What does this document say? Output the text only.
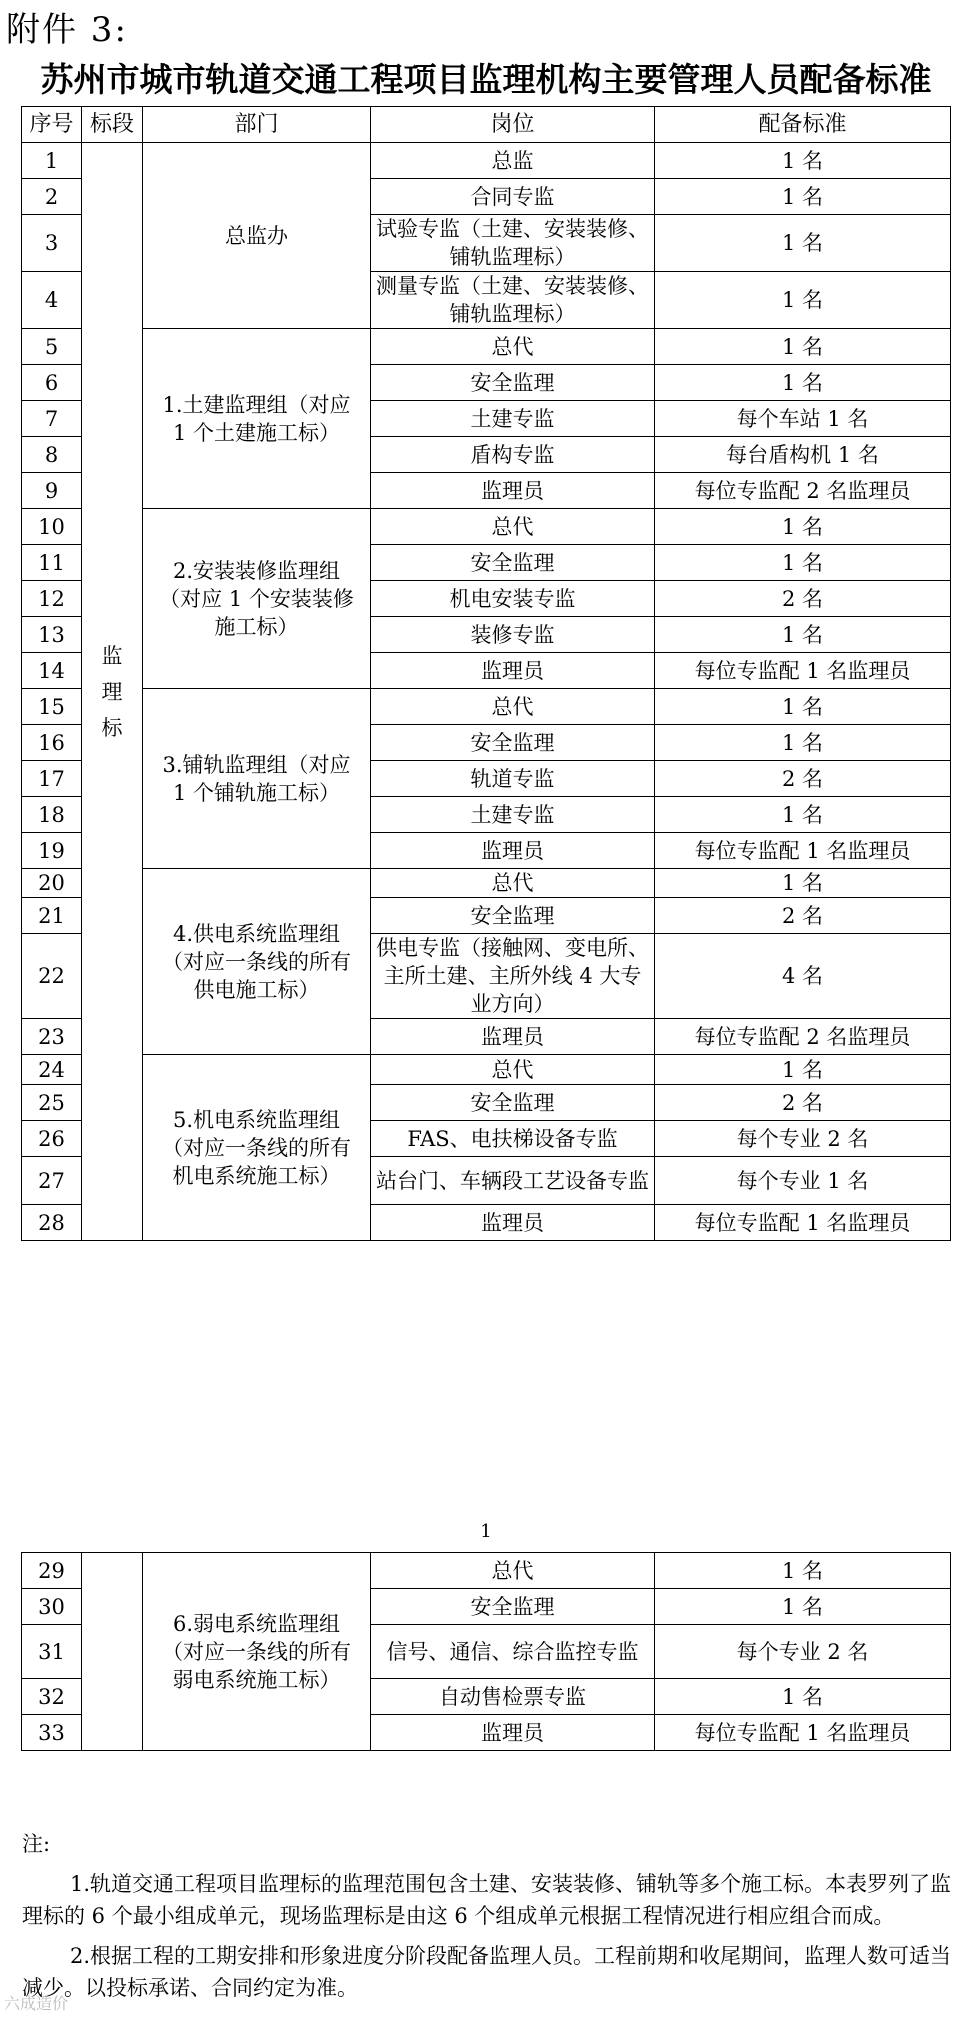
附件 3:
苏州市城市轨道交通工程项目监理机构主要管理人员配备标准
序号	标段	部门	岗位	配备标准
1	监理标	总监办	总监	1 名
2			合同专监	1 名
3			试验专监（土建、安装装修、铺轨监理标）	1 名
4			测量专监（土建、安装装修、铺轨监理标）	1 名
5		1.土建监理组（对应 1 个土建施工标）	总代	1 名
6			安全监理	1 名
7			土建专监	每个车站 1 名
8			盾构专监	每台盾构机 1 名
9			监理员	每位专监配 2 名监理员
10		2.安装装修监理组（对应 1 个安装装修施工标）	总代	1 名
11			安全监理	1 名
12			机电安装专监	2 名
13			装修专监	1 名
14			监理员	每位专监配 1 名监理员
15		3.铺轨监理组（对应 1 个铺轨施工标）	总代	1 名
16			安全监理	1 名
17			轨道专监	2 名
18			土建专监	1 名
19			监理员	每位专监配 1 名监理员
20		4.供电系统监理组（对应一条线的所有供电施工标）	总代	1 名
21			安全监理	2 名
22			供电专监（接触网、变电所、主所土建、主所外线 4 大专业方向）	4 名
23			监理员	每位专监配 2 名监理员
24		5.机电系统监理组（对应一条线的所有机电系统施工标）	总代	1 名
25			安全监理	2 名
26			FAS、电扶梯设备专监	每个专业 2 名
27			站台门、车辆段工艺设备专监	每个专业 1 名
28			监理员	每位专监配 1 名监理员
1
29		6.弱电系统监理组（对应一条线的所有弱电系统施工标）	总代	1 名
30			安全监理	1 名
31			信号、通信、综合监控专监	每个专业 2 名
32			自动售检票专监	1 名
33			监理员	每位专监配 1 名监理员

注:

1.轨道交通工程项目监理标的监理范围包含土建、安装装修、铺轨等多个施工标。本表罗列了监理标的 6 个最小组成单元，现场监理标是由这 6 个组成单元根据工程情况进行相应组合而成。

2.根据工程的工期安排和形象进度分阶段配备监理人员。工程前期和收尾期间，监理人数可适当减少。以投标承诺、合同约定为准。

六成造价
